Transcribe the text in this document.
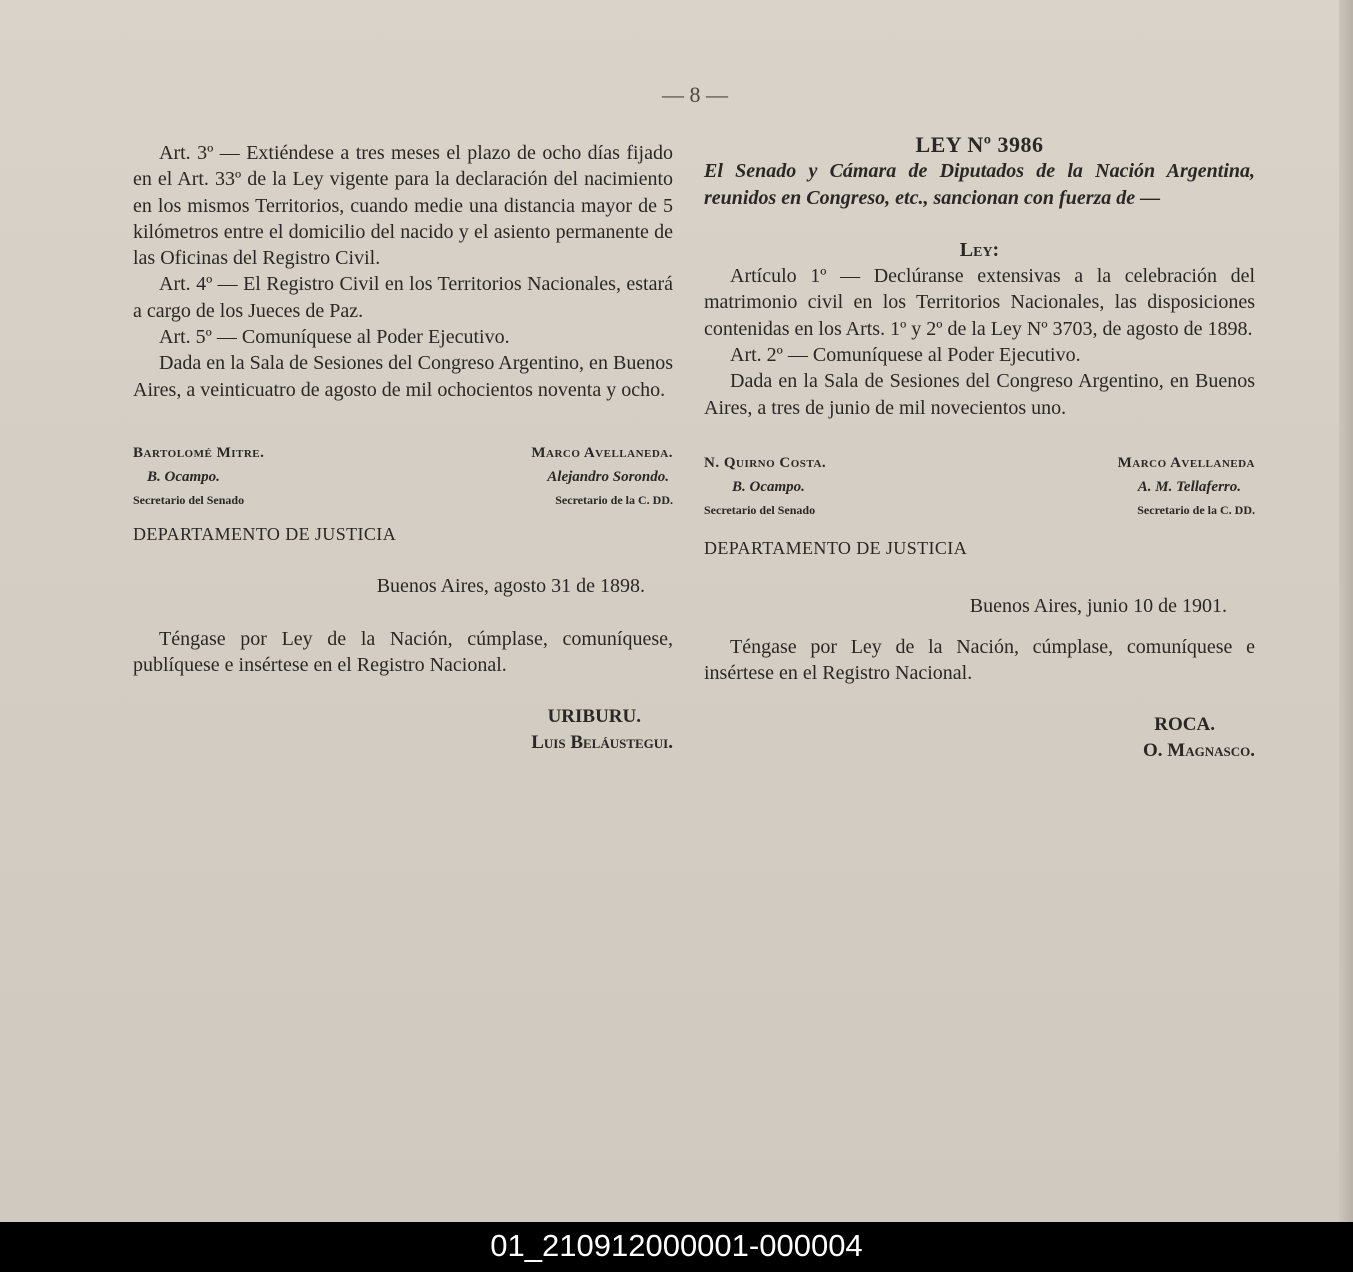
— 8 —

Art. 3º — Extiéndese a tres meses el plazo de ocho días fijado en el Art. 33º de la Ley vigente para la declaración del nacimiento en los mismos Territorios, cuando medie una distancia mayor de 5 kilómetros entre el domicilio del nacido y el asiento permanente de las Oficinas del Registro Civil.

Art. 4º — El Registro Civil en los Territorios Nacionales, estará a cargo de los Jueces de Paz.

Art. 5º — Comuníquese al Poder Ejecutivo.

Dada en la Sala de Sesiones del Congreso Argentino, en Buenos Aires, a veinticuatro de agosto de mil ochocientos noventa y ocho.

Bartolomé Mitre.
B. Ocampo.
Secretario del Senado
Marco Avellaneda.
Alejandro Sorondo.
Secretario de la C. DD.
DEPARTAMENTO DE JUSTICIA
Buenos Aires, agosto 31 de 1898.

Téngase por Ley de la Nación, cúmplase, comuníquese, publíquese e insértese en el Registro Nacional.

URIBURU.
Luis Beláustegui.
LEY Nº 3986

El Senado y Cámara de Diputados de la Nación Argentina, reunidos en Congreso, etc., sancionan con fuerza de —

Ley:

Artículo 1º — Declúranse extensivas a la celebración del matrimonio civil en los Territorios Nacionales, las disposiciones contenidas en los Arts. 1º y 2º de la Ley Nº 3703, de agosto de 1898.

Art. 2º — Comuníquese al Poder Ejecutivo.

Dada en la Sala de Sesiones del Congreso Argentino, en Buenos Aires, a tres de junio de mil novecientos uno.

N. Quirno Costa.
B. Ocampo.
Secretario del Senado
Marco Avellaneda
A. M. Tellaferro.
Secretario de la C. DD.
DEPARTAMENTO DE JUSTICIA
Buenos Aires, junio 10 de 1901.

Téngase por Ley de la Nación, cúmplase, comuníquese e insértese en el Registro Nacional.

ROCA.
O. Magnasco.
01_210912000001-000004
